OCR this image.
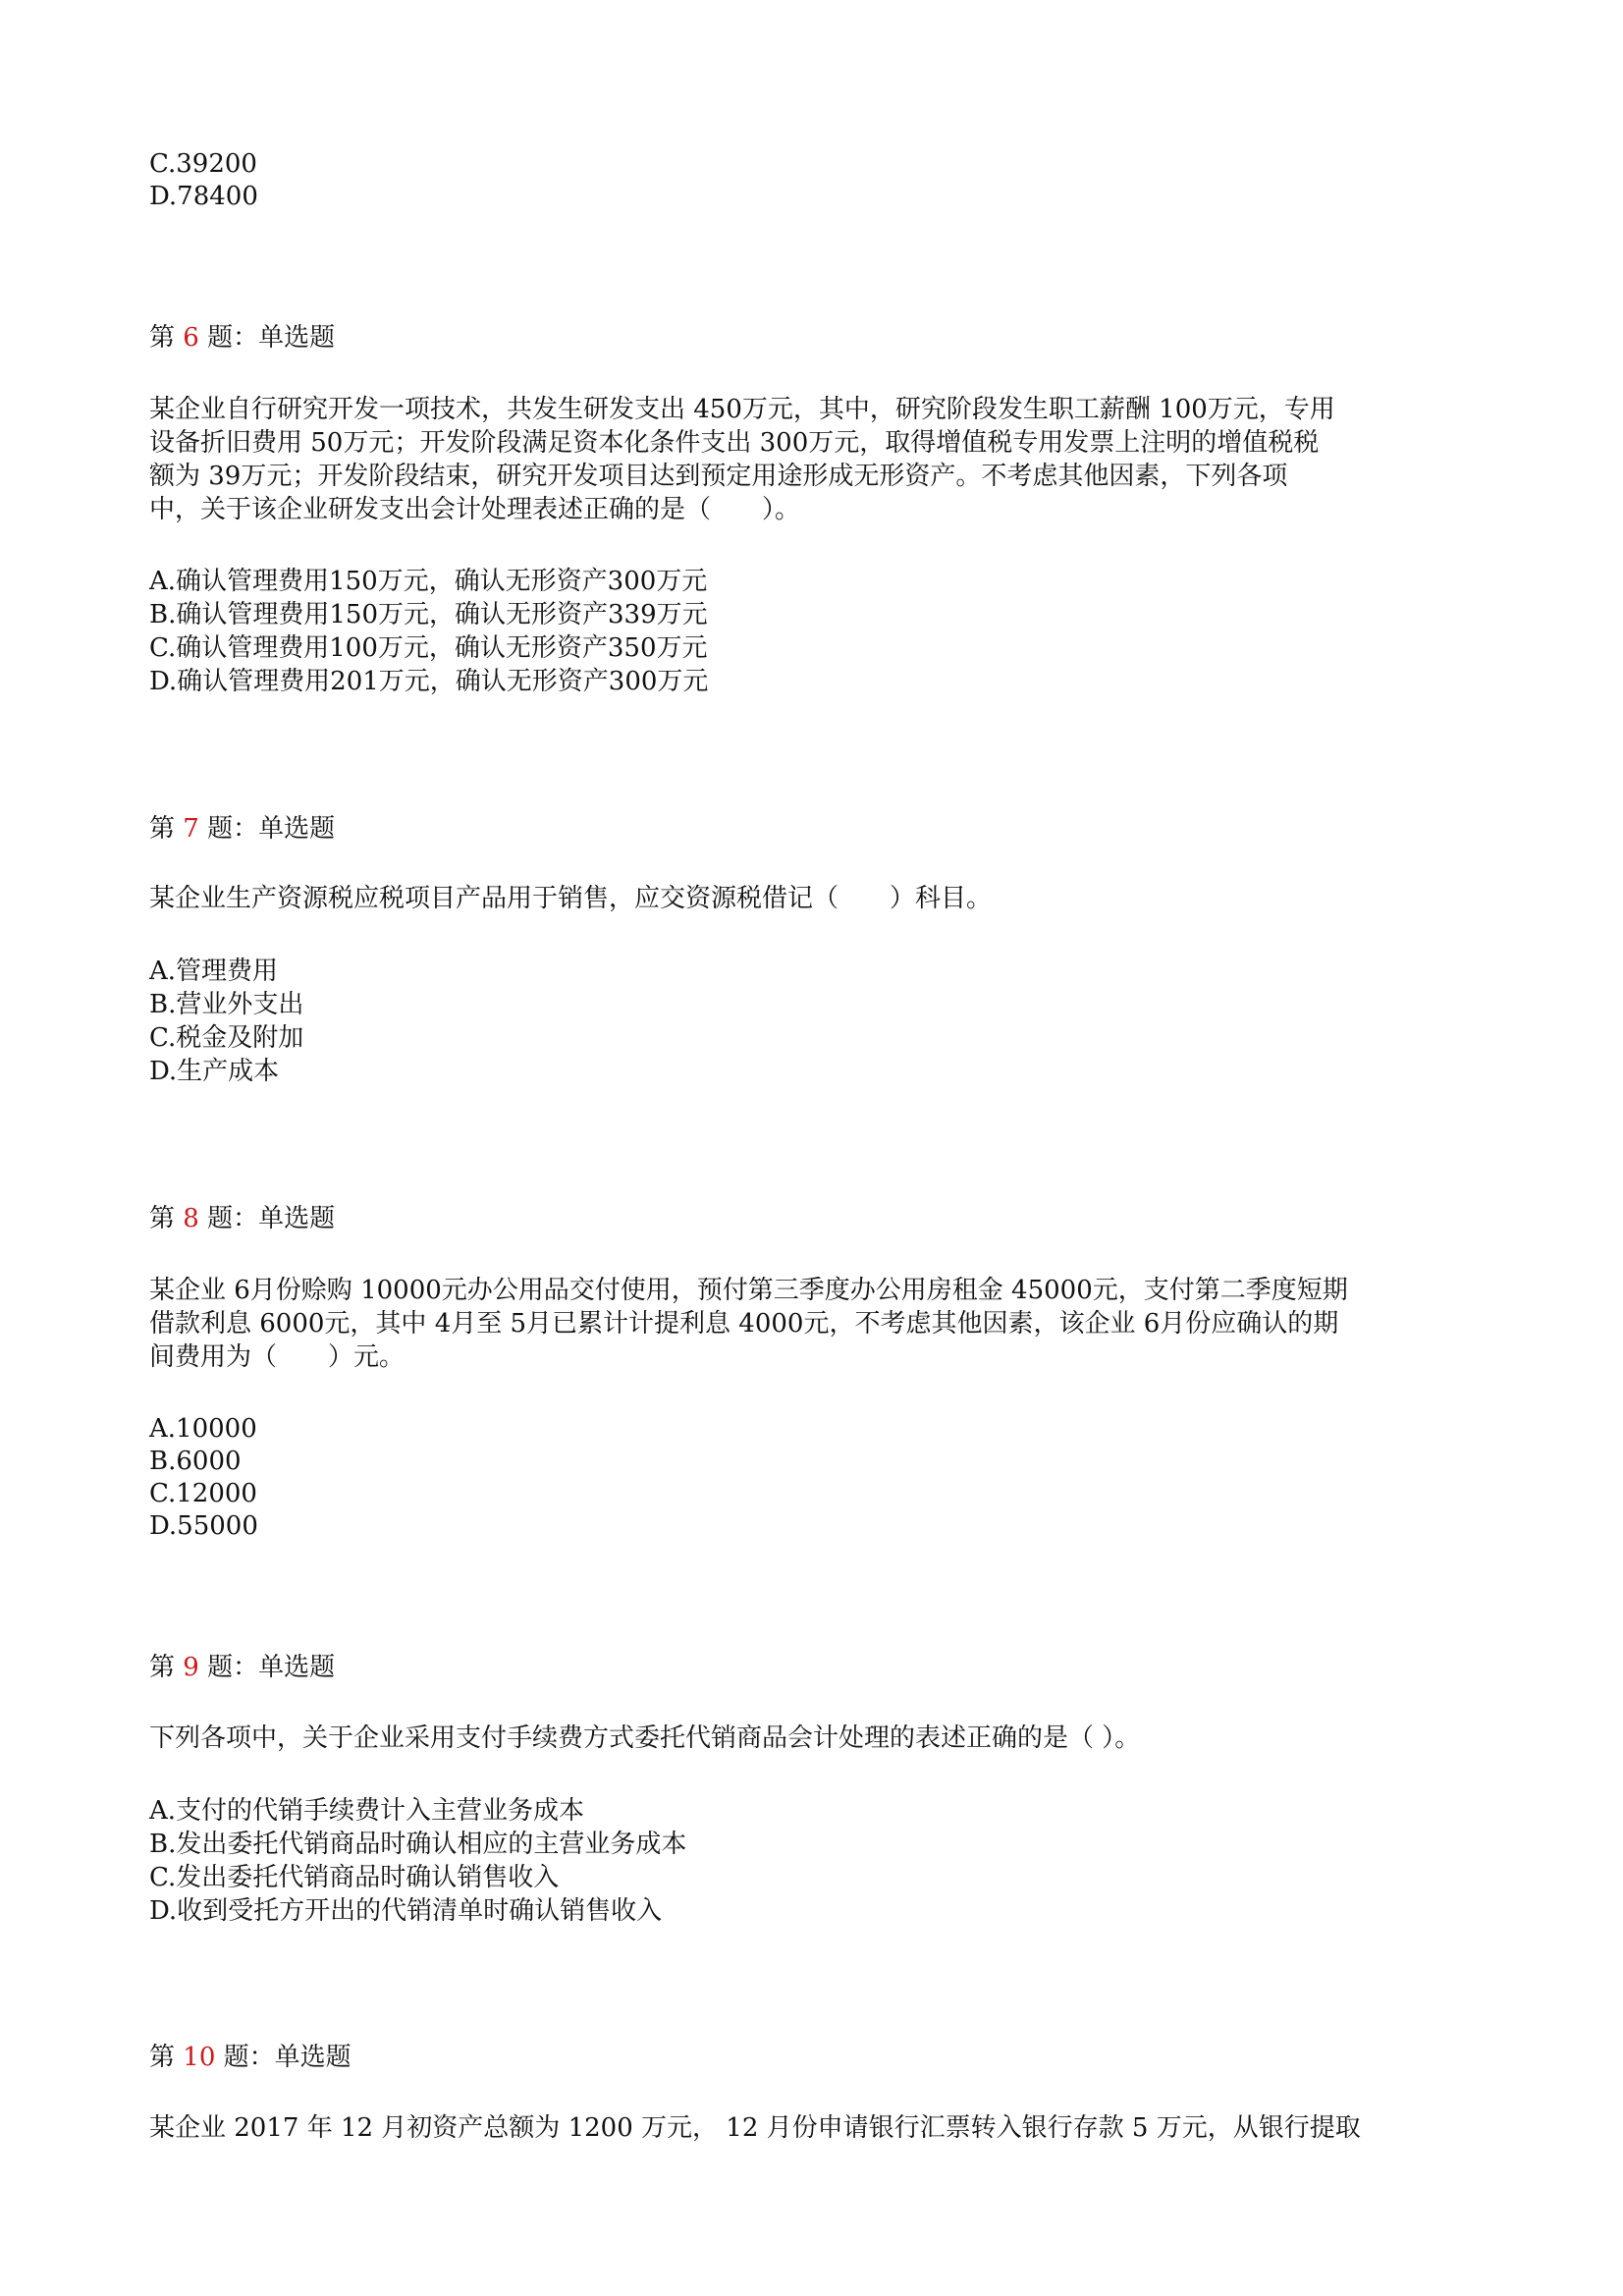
C.39200
D.78400
第 6 题：单选题
某企业自行研究开发一项技术，共发生研发支出 450万元，其中，研究阶段发生职工薪酬 100万元，专用
设备折旧费用 50万元；开发阶段满足资本化条件支出 300万元，取得增值税专用发票上注明的增值税税
额为 39万元；开发阶段结束，研究开发项目达到预定用途形成无形资产。不考虑其他因素，下列各项
中，关于该企业研发支出会计处理表述正确的是（　　）。
A.确认管理费用150万元，确认无形资产300万元
B.确认管理费用150万元，确认无形资产339万元
C.确认管理费用100万元，确认无形资产350万元
D.确认管理费用201万元，确认无形资产300万元
第 7 题：单选题
某企业生产资源税应税项目产品用于销售，应交资源税借记（　　）科目。
A.管理费用
B.营业外支出
C.税金及附加
D.生产成本
第 8 题：单选题
某企业 6月份赊购 10000元办公用品交付使用，预付第三季度办公用房租金 45000元，支付第二季度短期
借款利息 6000元，其中 4月至 5月已累计计提利息 4000元，不考虑其他因素，该企业 6月份应确认的期
间费用为（　　）元。
A.10000
B.6000
C.12000
D.55000
第 9 题：单选题
下列各项中，关于企业采用支付手续费方式委托代销商品会计处理的表述正确的是（ ）。
A.支付的代销手续费计入主营业务成本
B.发出委托代销商品时确认相应的主营业务成本
C.发出委托代销商品时确认销售收入
D.收到受托方开出的代销清单时确认销售收入
第 10 题：单选题
某企业 2017 年 12 月初资产总额为 1200 万元， 12 月份申请银行汇票转入银行存款 5 万元，从银行提取
